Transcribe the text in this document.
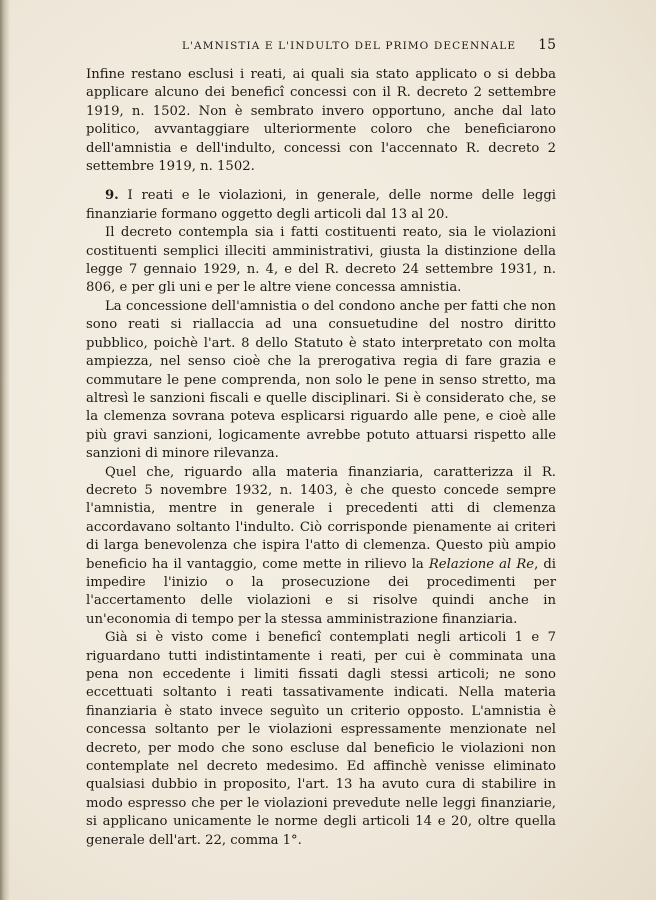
L'AMNISTIA E L'INDULTO DEL PRIMO DECENNALE 15

Infine restano esclusi i reati, ai quali sia stato applicato o si debba applicare alcuno dei beneficî concessi con il R. decreto 2 settembre 1919, n. 1502. Non è sembrato invero opportuno, anche dal lato politico, avvantaggiare ulteriormente coloro che beneficiarono dell'amnistia e dell'indulto, concessi con l'accennato R. decreto 2 settembre 1919, n. 1502.

9. I reati e le violazioni, in generale, delle norme delle leggi finanziarie formano oggetto degli articoli dal 13 al 20.

Il decreto contempla sia i fatti costituenti reato, sia le violazioni costituenti semplici illeciti amministrativi, giusta la distinzione della legge 7 gennaio 1929, n. 4, e del R. decreto 24 settembre 1931, n. 806, e per gli uni e per le altre viene concessa amnistia.

La concessione dell'amnistia o del condono anche per fatti che non sono reati si riallaccia ad una consuetudine del nostro diritto pubblico, poichè l'art. 8 dello Statuto è stato interpretato con molta ampiezza, nel senso cioè che la prerogativa regia di fare grazia e commutare le pene comprenda, non solo le pene in senso stretto, ma altresì le sanzioni fiscali e quelle disciplinari. Si è considerato che, se la clemenza sovrana poteva esplicarsi riguardo alle pene, e cioè alle più gravi sanzioni, logicamente avrebbe potuto attuarsi rispetto alle sanzioni di minore rilevanza.

Quel che, riguardo alla materia finanziaria, caratterizza il R. decreto 5 novembre 1932, n. 1403, è che questo concede sempre l'amnistia, mentre in generale i precedenti atti di clemenza accordavano soltanto l'indulto. Ciò corrisponde pienamente ai criteri di larga benevolenza che ispira l'atto di clemenza. Questo più ampio beneficio ha il vantaggio, come mette in rilievo la Relazione al Re, di impedire l'inizio o la prosecuzione dei procedimenti per l'accertamento delle violazioni e si risolve quindi anche in un'economia di tempo per la stessa amministrazione finanziaria.

Già si è visto come i beneficî contemplati negli articoli 1 e 7 riguardano tutti indistintamente i reati, per cui è comminata una pena non eccedente i limiti fissati dagli stessi articoli; ne sono eccettuati soltanto i reati tassativamente indicati. Nella materia finanziaria è stato invece seguìto un criterio opposto. L'amnistia è concessa soltanto per le violazioni espressamente menzionate nel decreto, per modo che sono escluse dal beneficio le violazioni non contemplate nel decreto medesimo. Ed affinchè venisse eliminato qualsiasi dubbio in proposito, l'art. 13 ha avuto cura di stabilire in modo espresso che per le violazioni prevedute nelle leggi finanziarie, si applicano unicamente le norme degli articoli 14 e 20, oltre quella generale dell'art. 22, comma 1°.
